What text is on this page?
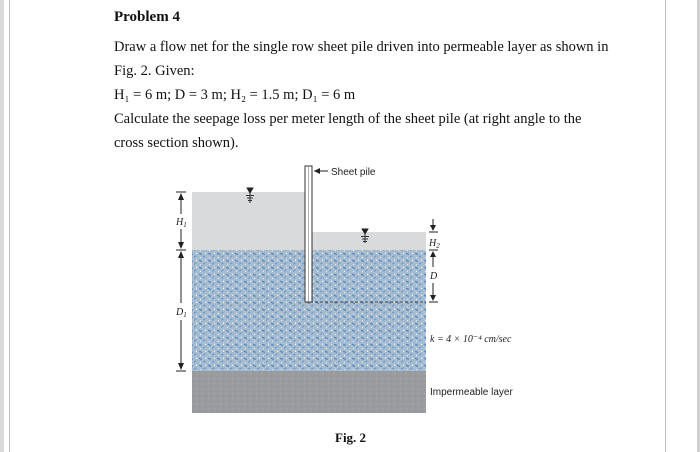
Problem 4

Draw a flow net for the single row sheet pile driven into permeable layer as shown in Fig. 2. Given:

H₁ = 6 m; D = 3 m; H₂ = 1.5 m; D₁ = 6 m

Calculate the seepage loss per meter length of the sheet pile (at right angle to the cross section shown).

Sheet pile
$H_1$
$D_1$
$H_2$
D
k = 4 × 10⁻⁴ cm/sec
Impermeable layer
Fig. 2
